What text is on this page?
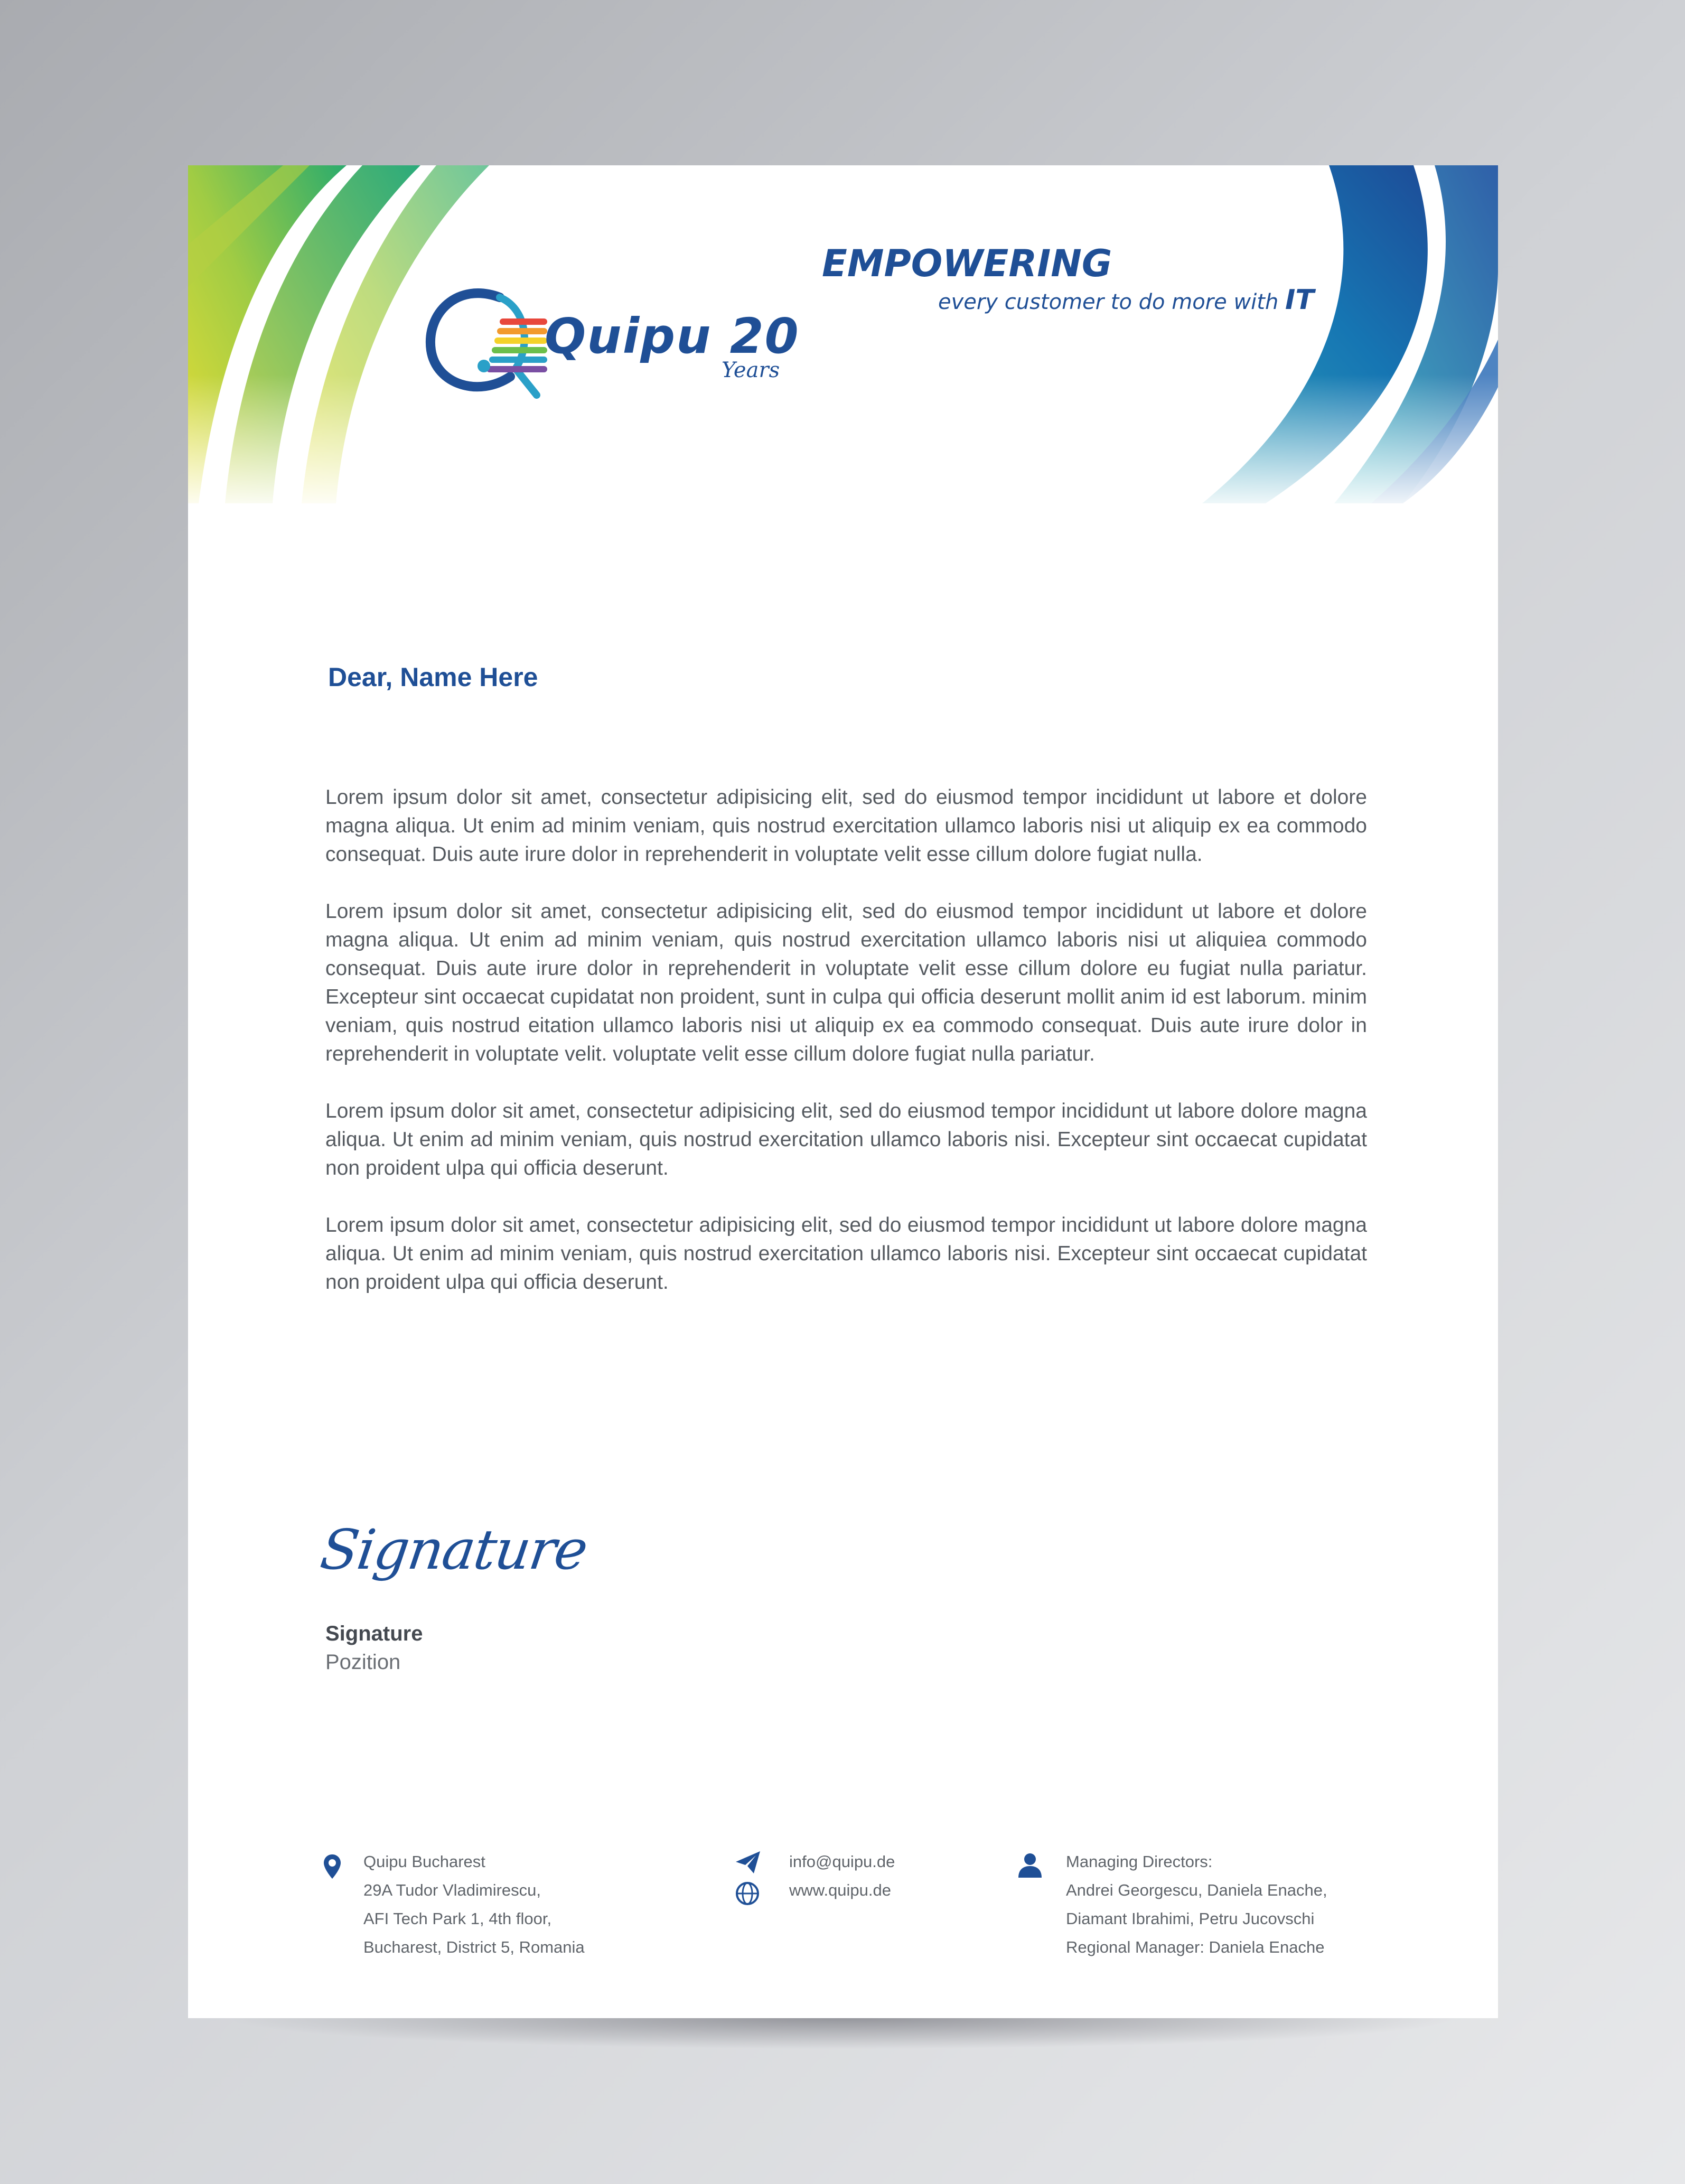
Quipu 20
Years
EMPOWERING
every customer to do more with IT
Dear, Name Here

Lorem ipsum dolor sit amet, consectetur adipisicing elit, sed do eiusmod tempor incididunt ut labore et dolore magna aliqua. Ut enim ad minim veniam, quis nostrud exercitation ullamco laboris nisi ut aliquip ex ea commodo consequat. Duis aute irure dolor in reprehenderit in voluptate velit esse cillum dolore fugiat nulla.

Lorem ipsum dolor sit amet, consectetur adipisicing elit, sed do eiusmod tempor incididunt ut labore et dolore magna aliqua. Ut enim ad minim veniam, quis nostrud exercitation ullamco laboris nisi ut aliquiea commodo consequat. Duis aute irure dolor in reprehenderit in voluptate velit esse cillum dolore eu fugiat nulla pariatur. Excepteur sint occaecat cupidatat non proident, sunt in culpa qui officia deserunt mollit anim id est laborum. minim veniam, quis nostrud eitation ullamco laboris nisi ut aliquip ex ea commodo consequat. Duis aute irure dolor in reprehenderit in voluptate velit. voluptate velit esse cillum dolore fugiat nulla pariatur.

Lorem ipsum dolor sit amet, consectetur adipisicing elit, sed do eiusmod tempor incididunt ut labore dolore magna aliqua. Ut enim ad minim veniam, quis nostrud exercitation ullamco laboris nisi. Excepteur sint occaecat cupidatat non proident ulpa qui officia deserunt.

Lorem ipsum dolor sit amet, consectetur adipisicing elit, sed do eiusmod tempor incididunt ut labore dolore magna aliqua. Ut enim ad minim veniam, quis nostrud exercitation ullamco laboris nisi. Excepteur sint occaecat cupidatat non proident ulpa qui officia deserunt.

Signature
Signature
Pozition
Quipu Bucharest
29A Tudor Vladimirescu,
AFI Tech Park 1, 4th floor,
Bucharest, District 5, Romania
info@quipu.de
www.quipu.de
Managing Directors:
Andrei Georgescu, Daniela Enache,
Diamant Ibrahimi, Petru Jucovschi
Regional Manager: Daniela Enache
